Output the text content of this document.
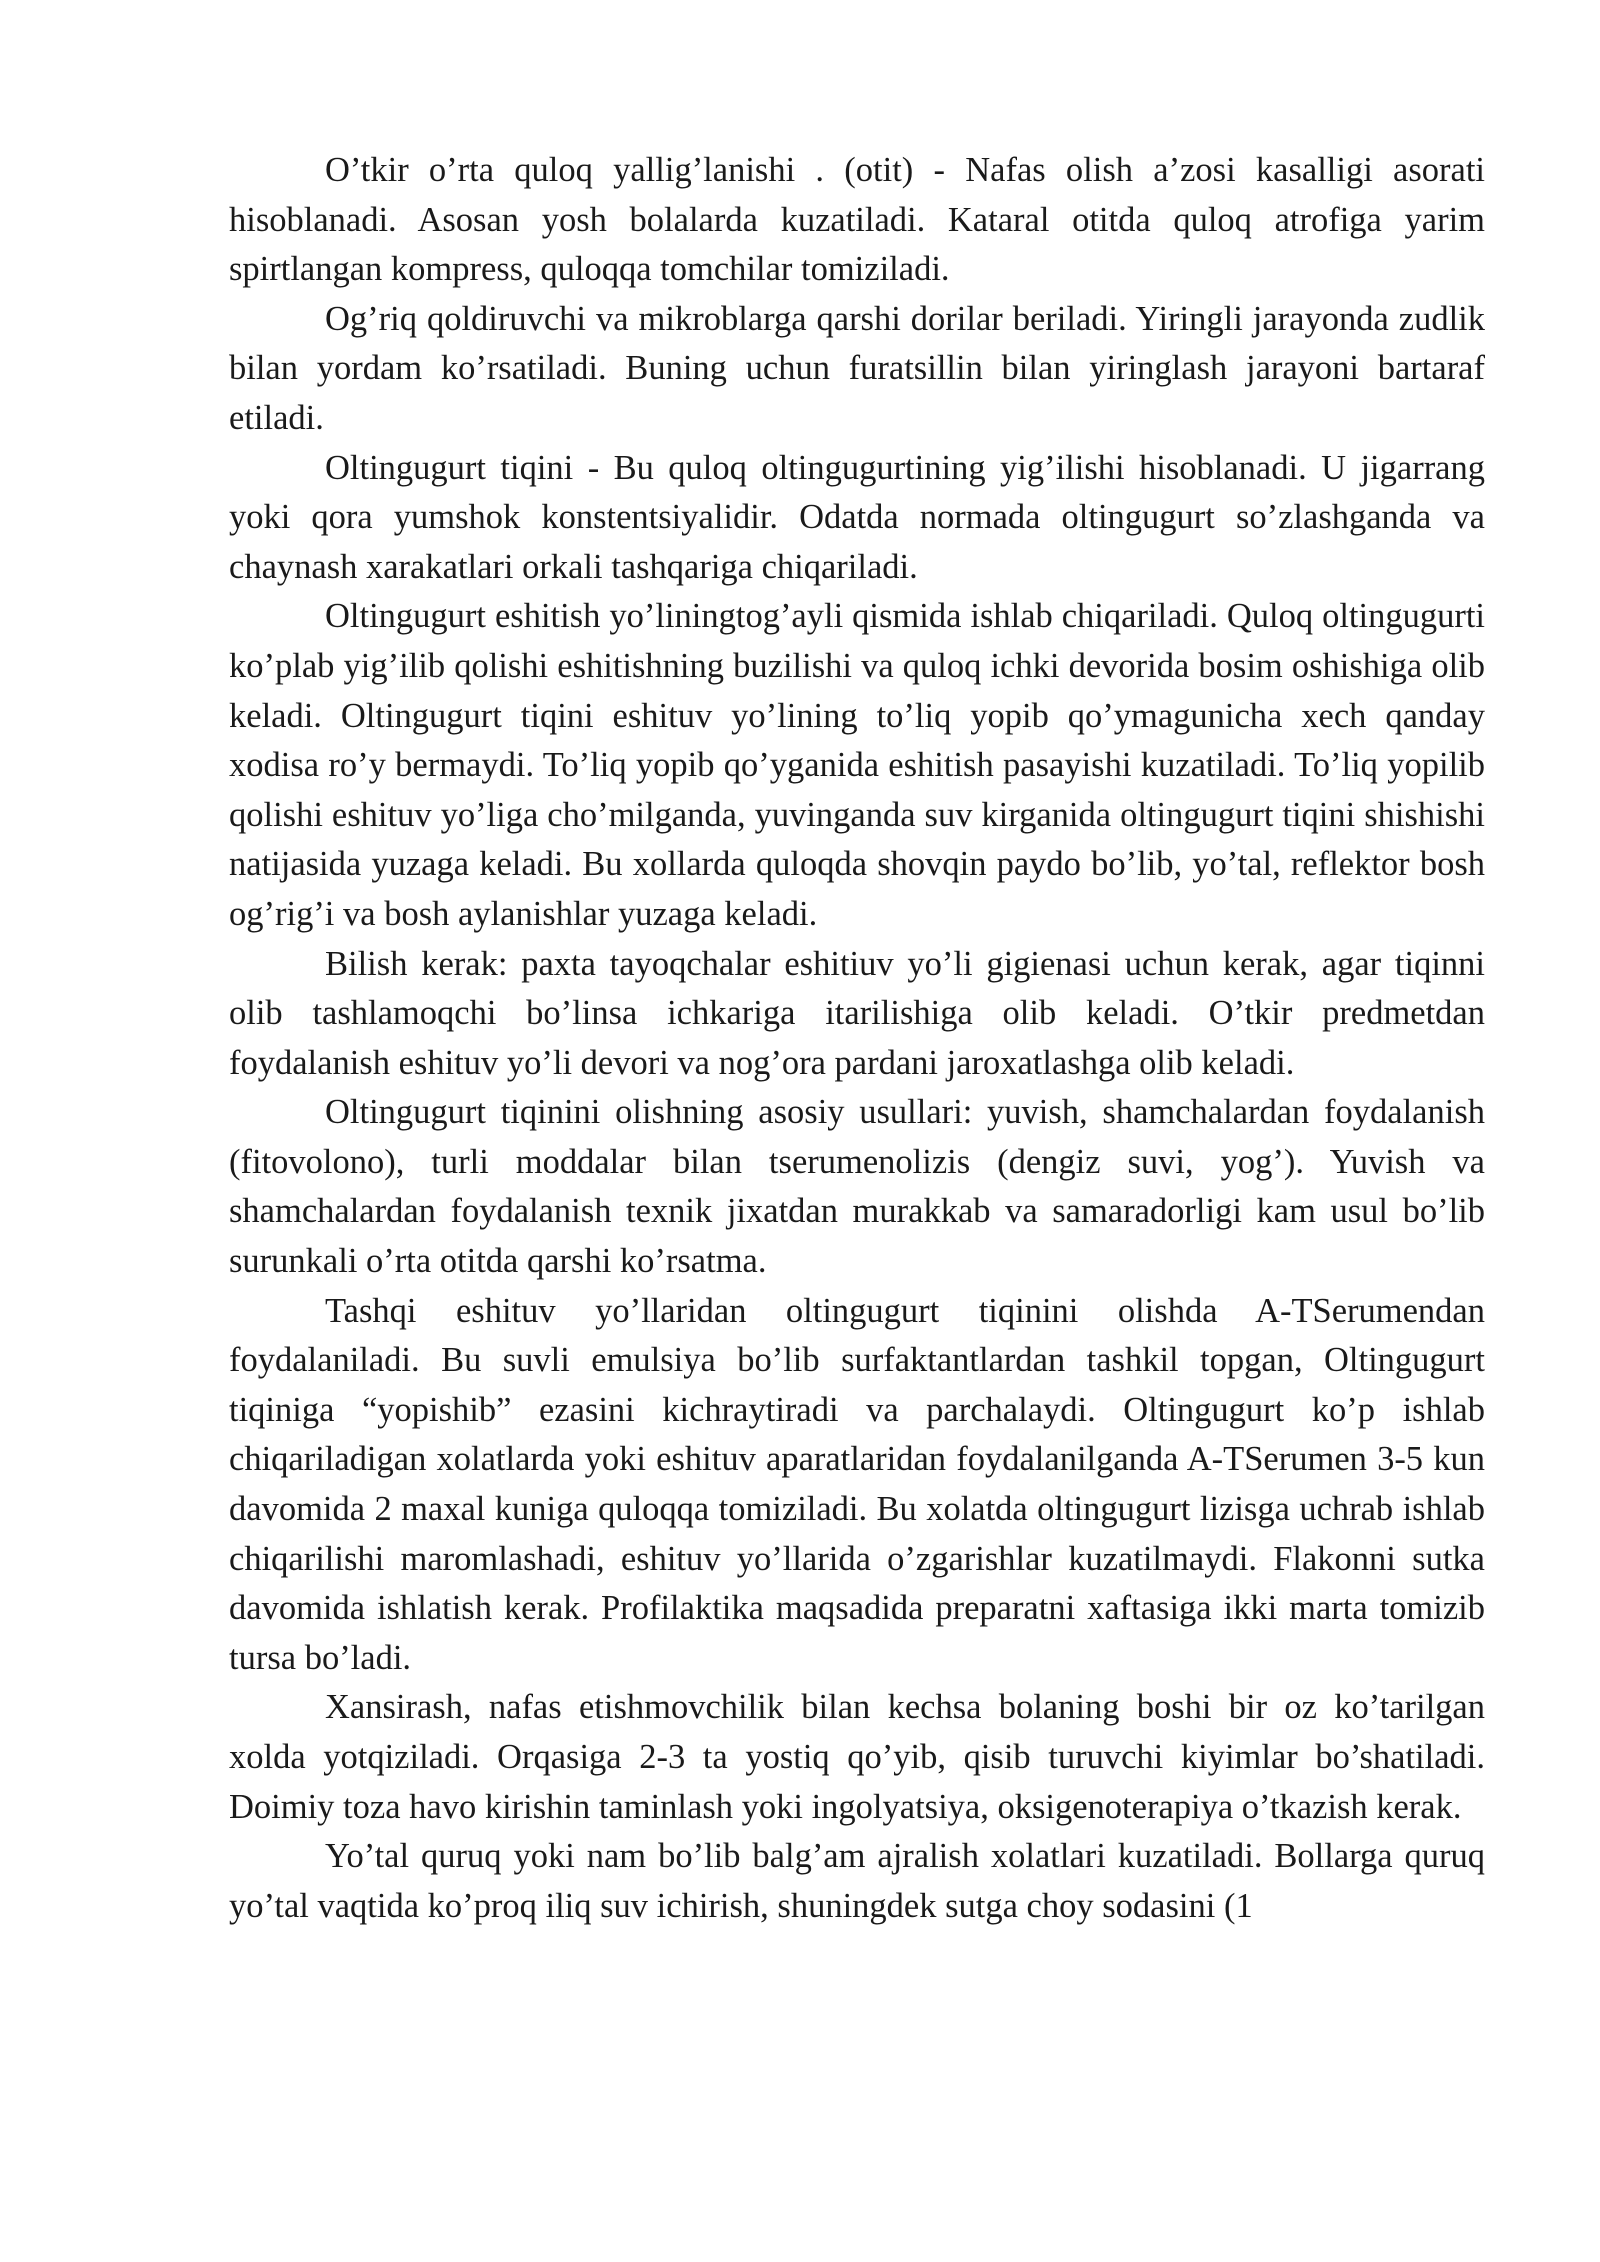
O’tkir o’rta quloq yallig’lanishi . (otit) - Nafas olish a’zosi kasalligi asorati hisoblanadi. Asosan yosh bolalarda kuzatiladi. Kataral otitda quloq atrofiga yarim spirtlangan kompress, quloqqa tomchilar tomiziladi.

Og’riq qoldiruvchi va mikroblarga qarshi dorilar beriladi. Yiringli jarayonda zudlik bilan yordam ko’rsatiladi. Buning uchun furatsillin bilan yiringlash jarayoni bartaraf etiladi.

Oltingugurt tiqini - Bu quloq oltingugurtining yig’ilishi hisoblanadi. U jigarrang yoki qora yumshok konstentsiyalidir. Odatda normada oltingugurt so’zlashganda va chaynash xarakatlari orkali tashqariga chiqariladi.

Oltingugurt eshitish yo’liningtog’ayli qismida ishlab chiqariladi. Quloq oltingugurti ko’plab yig’ilib qolishi eshitishning buzilishi va quloq ichki devorida bosim oshishiga olib keladi. Oltingugurt tiqini eshituv yo’lining to’liq yopib qo’ymagunicha xech qanday xodisa ro’y bermaydi. To’liq yopib qo’yganida eshitish pasayishi kuzatiladi. To’liq yopilib qolishi eshituv yo’liga cho’milganda, yuvinganda suv kirganida oltingugurt tiqini shishishi natijasida yuzaga keladi. Bu xollarda quloqda shovqin paydo bo’lib, yo’tal, reflektor bosh og’rig’i va bosh aylanishlar yuzaga keladi.

Bilish kerak: paxta tayoqchalar eshitiuv yo’li gigienasi uchun kerak, agar tiqinni olib tashlamoqchi bo’linsa ichkariga itarilishiga olib keladi. O’tkir predmetdan foydalanish eshituv yo’li devori va nog’ora pardani jaroxatlashga olib keladi.

Oltingugurt tiqinini olishning asosiy usullari: yuvish, shamchalardan foydalanish (fitovolono), turli moddalar bilan tserumenolizis (dengiz suvi, yog’). Yuvish va shamchalardan foydalanish texnik jixatdan murakkab va samaradorligi kam usul bo’lib surunkali o’rta otitda qarshi ko’rsatma.

Tashqi eshituv yo’llaridan oltingugurt tiqinini olishda A-TSerumendan foydalaniladi. Bu suvli emulsiya bo’lib surfaktantlardan tashkil topgan, Oltingugurt tiqiniga “yopishib” ezasini kichraytiradi va parchalaydi. Oltingugurt ko’p ishlab chiqariladigan xolatlarda yoki eshituv aparatlaridan foydalanilganda A-TSerumen 3-5 kun davomida 2 maxal kuniga quloqqa tomiziladi. Bu xolatda oltingugurt lizisga uchrab ishlab chiqarilishi maromlashadi, eshituv yo’llarida o’zgarishlar kuzatilmaydi. Flakonni sutka davomida ishlatish kerak. Profilaktika maqsadida preparatni xaftasiga ikki marta tomizib tursa bo’ladi.

Xansirash, nafas etishmovchilik bilan kechsa bolaning boshi bir oz ko’tarilgan xolda yotqiziladi. Orqasiga 2-3 ta yostiq qo’yib, qisib turuvchi kiyimlar bo’shatiladi. Doimiy toza havo kirishin taminlash yoki ingolyatsiya, oksigenoterapiya o’tkazish kerak.

Yo’tal quruq yoki nam bo’lib balg’am ajralish xolatlari kuzatiladi. Bollarga quruq yo’tal vaqtida ko’proq iliq suv ichirish, shuningdek sutga choy sodasini (1
